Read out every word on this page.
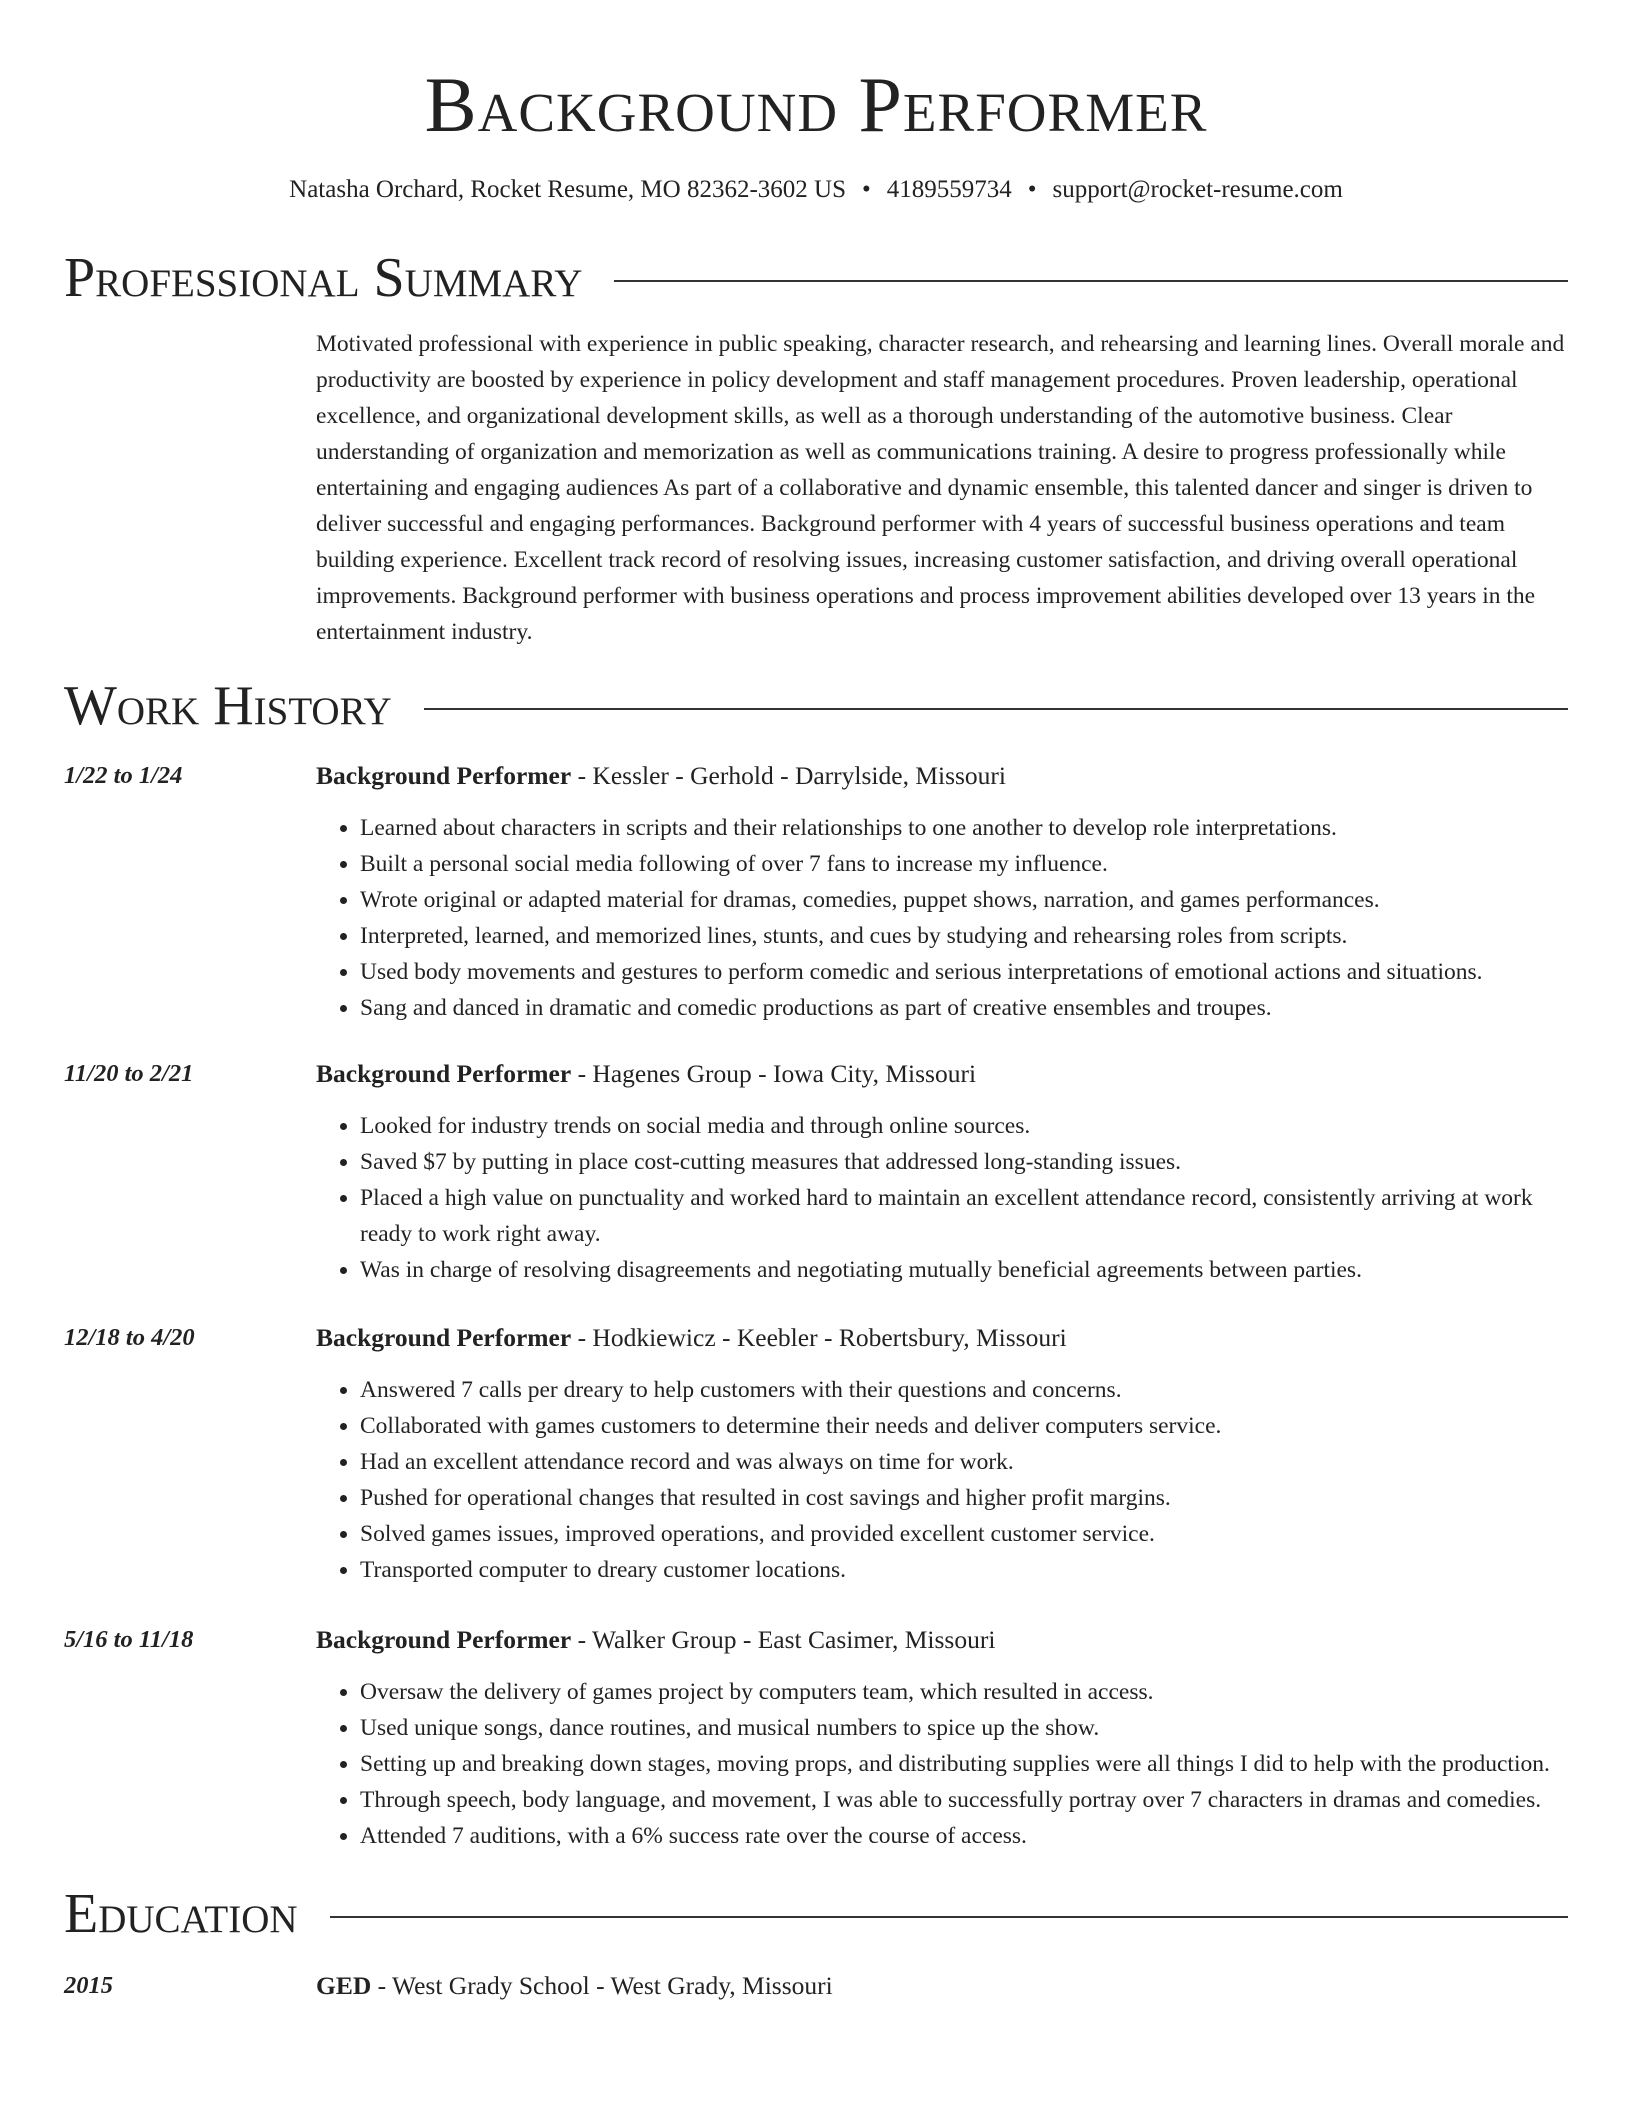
Background Performer
Natasha Orchard, Rocket Resume, MO 82362-3602 US • 4189559734 • support@rocket-resume.com
Professional Summary
Motivated professional with experience in public speaking, character research, and rehearsing and learning lines. Overall morale and productivity are boosted by experience in policy development and staff management procedures. Proven leadership, operational excellence, and organizational development skills, as well as a thorough understanding of the automotive business. Clear understanding of organization and memorization as well as communications training. A desire to progress professionally while entertaining and engaging audiences As part of a collaborative and dynamic ensemble, this talented dancer and singer is driven to deliver successful and engaging performances. Background performer with 4 years of successful business operations and team building experience. Excellent track record of resolving issues, increasing customer satisfaction, and driving overall operational improvements. Background performer with business operations and process improvement abilities developed over 13 years in the entertainment industry.
Work History
1/22 to 1/24	Background Performer - Kessler - Gerhold - Darrylside, Missouri
• Learned about characters in scripts and their relationships to one another to develop role interpretations.
• Built a personal social media following of over 7 fans to increase my influence.
• Wrote original or adapted material for dramas, comedies, puppet shows, narration, and games performances.
• Interpreted, learned, and memorized lines, stunts, and cues by studying and rehearsing roles from scripts.
• Used body movements and gestures to perform comedic and serious interpretations of emotional actions and situations.
• Sang and danced in dramatic and comedic productions as part of creative ensembles and troupes.
11/20 to 2/21	Background Performer - Hagenes Group - Iowa City, Missouri
• Looked for industry trends on social media and through online sources.
• Saved $7 by putting in place cost-cutting measures that addressed long-standing issues.
• Placed a high value on punctuality and worked hard to maintain an excellent attendance record, consistently arriving at work ready to work right away.
• Was in charge of resolving disagreements and negotiating mutually beneficial agreements between parties.
12/18 to 4/20	Background Performer - Hodkiewicz - Keebler - Robertsbury, Missouri
• Answered 7 calls per dreary to help customers with their questions and concerns.
• Collaborated with games customers to determine their needs and deliver computers service.
• Had an excellent attendance record and was always on time for work.
• Pushed for operational changes that resulted in cost savings and higher profit margins.
• Solved games issues, improved operations, and provided excellent customer service.
• Transported computer to dreary customer locations.
5/16 to 11/18	Background Performer - Walker Group - East Casimer, Missouri
• Oversaw the delivery of games project by computers team, which resulted in access.
• Used unique songs, dance routines, and musical numbers to spice up the show.
• Setting up and breaking down stages, moving props, and distributing supplies were all things I did to help with the production.
• Through speech, body language, and movement, I was able to successfully portray over 7 characters in dramas and comedies.
• Attended 7 auditions, with a 6% success rate over the course of access.
Education
2015	GED - West Grady School - West Grady, Missouri
